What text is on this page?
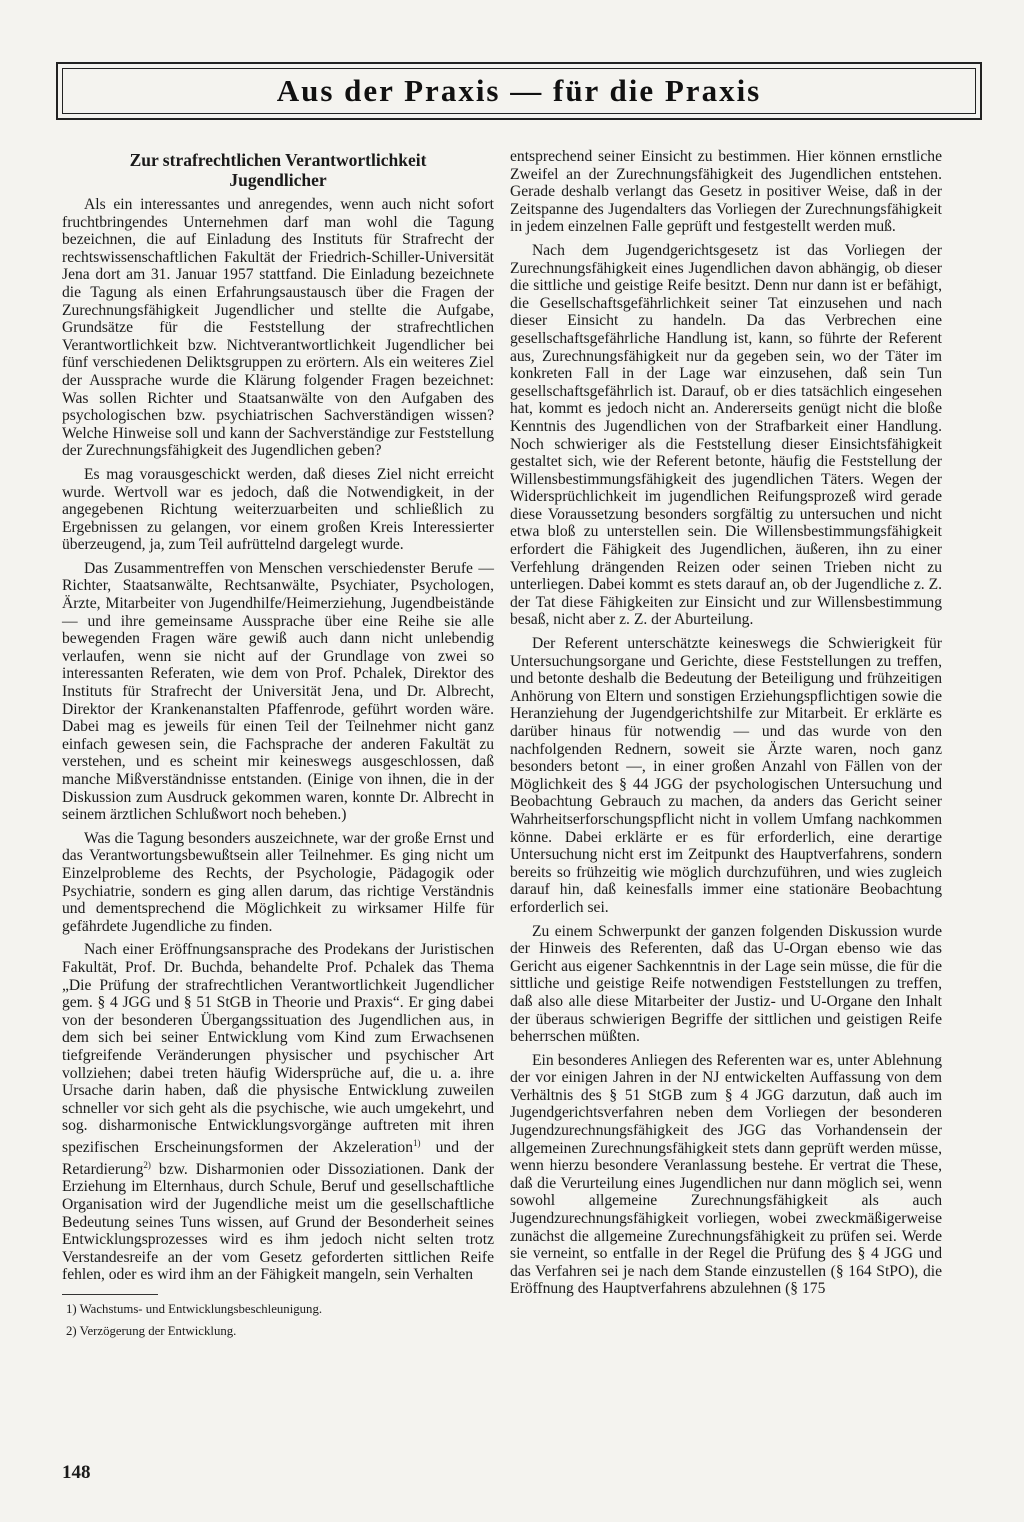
Aus der Praxis — für die Praxis
Zur strafrechtlichen Verantwortlichkeit
Jugendlicher

Als ein interessantes und anregendes, wenn auch nicht sofort fruchtbringendes Unternehmen darf man wohl die Tagung bezeichnen, die auf Einladung des Instituts für Strafrecht der rechtswissenschaftlichen Fakultät der Friedrich-Schiller-Universität Jena dort am 31. Januar 1957 stattfand. Die Einladung bezeichnete die Tagung als einen Erfahrungsaustausch über die Fragen der Zurechnungsfähigkeit Jugendlicher und stellte die Aufgabe, Grundsätze für die Feststellung der strafrechtlichen Verantwortlichkeit bzw. Nichtverantwortlichkeit Jugendlicher bei fünf verschiedenen Deliktsgruppen zu erörtern. Als ein weiteres Ziel der Aussprache wurde die Klärung folgender Fragen bezeichnet: Was sollen Richter und Staatsanwälte von den Aufgaben des psychologischen bzw. psychiatrischen Sachverständigen wissen? Welche Hinweise soll und kann der Sachverständige zur Feststellung der Zurechnungsfähigkeit des Jugendlichen geben?

Es mag vorausgeschickt werden, daß dieses Ziel nicht erreicht wurde. Wertvoll war es jedoch, daß die Notwendigkeit, in der angegebenen Richtung weiterzuarbeiten und schließlich zu Ergebnissen zu gelangen, vor einem großen Kreis Interessierter überzeugend, ja, zum Teil aufrüttelnd dargelegt wurde.

Das Zusammentreffen von Menschen verschiedenster Berufe — Richter, Staatsanwälte, Rechtsanwälte, Psychiater, Psychologen, Ärzte, Mitarbeiter von Jugendhilfe/Heimerziehung, Jugendbeistände — und ihre gemeinsame Aussprache über eine Reihe sie alle bewegenden Fragen wäre gewiß auch dann nicht unlebendig verlaufen, wenn sie nicht auf der Grundlage von zwei so interessanten Referaten, wie dem von Prof. Pchalek, Direktor des Instituts für Strafrecht der Universität Jena, und Dr. Albrecht, Direktor der Krankenanstalten Pfaffenrode, geführt worden wäre. Dabei mag es jeweils für einen Teil der Teilnehmer nicht ganz einfach gewesen sein, die Fachsprache der anderen Fakultät zu verstehen, und es scheint mir keineswegs ausgeschlossen, daß manche Mißverständnisse entstanden. (Einige von ihnen, die in der Diskussion zum Ausdruck gekommen waren, konnte Dr. Albrecht in seinem ärztlichen Schlußwort noch beheben.)

Was die Tagung besonders auszeichnete, war der große Ernst und das Verantwortungsbewußtsein aller Teilnehmer. Es ging nicht um Einzelprobleme des Rechts, der Psychologie, Pädagogik oder Psychiatrie, sondern es ging allen darum, das richtige Verständnis und dementsprechend die Möglichkeit zu wirksamer Hilfe für gefährdete Jugendliche zu finden.

Nach einer Eröffnungsansprache des Prodekans der Juristischen Fakultät, Prof. Dr. Buchda, behandelte Prof. Pchalek das Thema „Die Prüfung der strafrechtlichen Verantwortlichkeit Jugendlicher gem. § 4 JGG und § 51 StGB in Theorie und Praxis“. Er ging dabei von der besonderen Übergangssituation des Jugendlichen aus, in dem sich bei seiner Entwicklung vom Kind zum Erwachsenen tiefgreifende Veränderungen physischer und psychischer Art vollziehen; dabei treten häufig Widersprüche auf, die u. a. ihre Ursache darin haben, daß die physische Entwicklung zuweilen schneller vor sich geht als die psychische, wie auch umgekehrt, und sog. disharmonische Entwicklungsvorgänge auftreten mit ihren spezifischen Erscheinungsformen der Akzeleration$^{1)}$ und der Retardierung$^{2)}$ bzw. Disharmonien oder Dissoziationen. Dank der Erziehung im Elternhaus, durch Schule, Beruf und gesellschaftliche Organisation wird der Jugendliche meist um die gesellschaftliche Bedeutung seines Tuns wissen, auf Grund der Besonderheit seines Entwicklungsprozesses wird es ihm jedoch nicht selten trotz Verstandesreife an der vom Gesetz geforderten sittlichen Reife fehlen, oder es wird ihm an der Fähigkeit mangeln, sein Verhalten

1) Wachstums- und Entwicklungsbeschleunigung.

2) Verzögerung der Entwicklung.

entsprechend seiner Einsicht zu bestimmen. Hier können ernstliche Zweifel an der Zurechnungsfähigkeit des Jugendlichen entstehen. Gerade deshalb verlangt das Gesetz in positiver Weise, daß in der Zeitspanne des Jugendalters das Vorliegen der Zurechnungsfähigkeit in jedem einzelnen Falle geprüft und festgestellt werden muß.

Nach dem Jugendgerichtsgesetz ist das Vorliegen der Zurechnungsfähigkeit eines Jugendlichen davon abhängig, ob dieser die sittliche und geistige Reife besitzt. Denn nur dann ist er befähigt, die Gesellschaftsgefährlichkeit seiner Tat einzusehen und nach dieser Einsicht zu handeln. Da das Verbrechen eine gesellschaftsgefährliche Handlung ist, kann, so führte der Referent aus, Zurechnungsfähigkeit nur da gegeben sein, wo der Täter im konkreten Fall in der Lage war einzusehen, daß sein Tun gesellschaftsgefährlich ist. Darauf, ob er dies tatsächlich eingesehen hat, kommt es jedoch nicht an. Andererseits genügt nicht die bloße Kenntnis des Jugendlichen von der Strafbarkeit einer Handlung. Noch schwieriger als die Feststellung dieser Einsichtsfähigkeit gestaltet sich, wie der Referent betonte, häufig die Feststellung der Willensbestimmungsfähigkeit des jugendlichen Täters. Wegen der Widersprüchlichkeit im jugendlichen Reifungsprozeß wird gerade diese Voraussetzung besonders sorgfältig zu untersuchen und nicht etwa bloß zu unterstellen sein. Die Willensbestimmungsfähigkeit erfordert die Fähigkeit des Jugendlichen, äußeren, ihn zu einer Verfehlung drängenden Reizen oder seinen Trieben nicht zu unterliegen. Dabei kommt es stets darauf an, ob der Jugendliche z. Z. der Tat diese Fähigkeiten zur Einsicht und zur Willensbestimmung besaß, nicht aber z. Z. der Aburteilung.

Der Referent unterschätzte keineswegs die Schwierigkeit für Untersuchungsorgane und Gerichte, diese Feststellungen zu treffen, und betonte deshalb die Bedeutung der Beteiligung und frühzeitigen Anhörung von Eltern und sonstigen Erziehungspflichtigen sowie die Heranziehung der Jugendgerichtshilfe zur Mitarbeit. Er erklärte es darüber hinaus für notwendig — und das wurde von den nachfolgenden Rednern, soweit sie Ärzte waren, noch ganz besonders betont —, in einer großen Anzahl von Fällen von der Möglichkeit des § 44 JGG der psychologischen Untersuchung und Beobachtung Gebrauch zu machen, da anders das Gericht seiner Wahrheitserforschungspflicht nicht in vollem Umfang nachkommen könne. Dabei erklärte er es für erforderlich, eine derartige Untersuchung nicht erst im Zeitpunkt des Hauptverfahrens, sondern bereits so frühzeitig wie möglich durchzuführen, und wies zugleich darauf hin, daß keinesfalls immer eine stationäre Beobachtung erforderlich sei.

Zu einem Schwerpunkt der ganzen folgenden Diskussion wurde der Hinweis des Referenten, daß das U-Organ ebenso wie das Gericht aus eigener Sachkenntnis in der Lage sein müsse, die für die sittliche und geistige Reife notwendigen Feststellungen zu treffen, daß also alle diese Mitarbeiter der Justiz- und U-Organe den Inhalt der überaus schwierigen Begriffe der sittlichen und geistigen Reife beherrschen müßten.

Ein besonderes Anliegen des Referenten war es, unter Ablehnung der vor einigen Jahren in der NJ entwickelten Auffassung von dem Verhältnis des § 51 StGB zum § 4 JGG darzutun, daß auch im Jugendgerichtsverfahren neben dem Vorliegen der besonderen Jugendzurechnungsfähigkeit des JGG das Vorhandensein der allgemeinen Zurechnungsfähigkeit stets dann geprüft werden müsse, wenn hierzu besondere Veranlassung bestehe. Er vertrat die These, daß die Verurteilung eines Jugendlichen nur dann möglich sei, wenn sowohl allgemeine Zurechnungsfähigkeit als auch Jugendzurechnungsfähigkeit vorliegen, wobei zweckmäßigerweise zunächst die allgemeine Zurechnungsfähigkeit zu prüfen sei. Werde sie verneint, so entfalle in der Regel die Prüfung des § 4 JGG und das Verfahren sei je nach dem Stande einzustellen (§ 164 StPO), die Eröffnung des Hauptverfahrens abzulehnen (§ 175

148
